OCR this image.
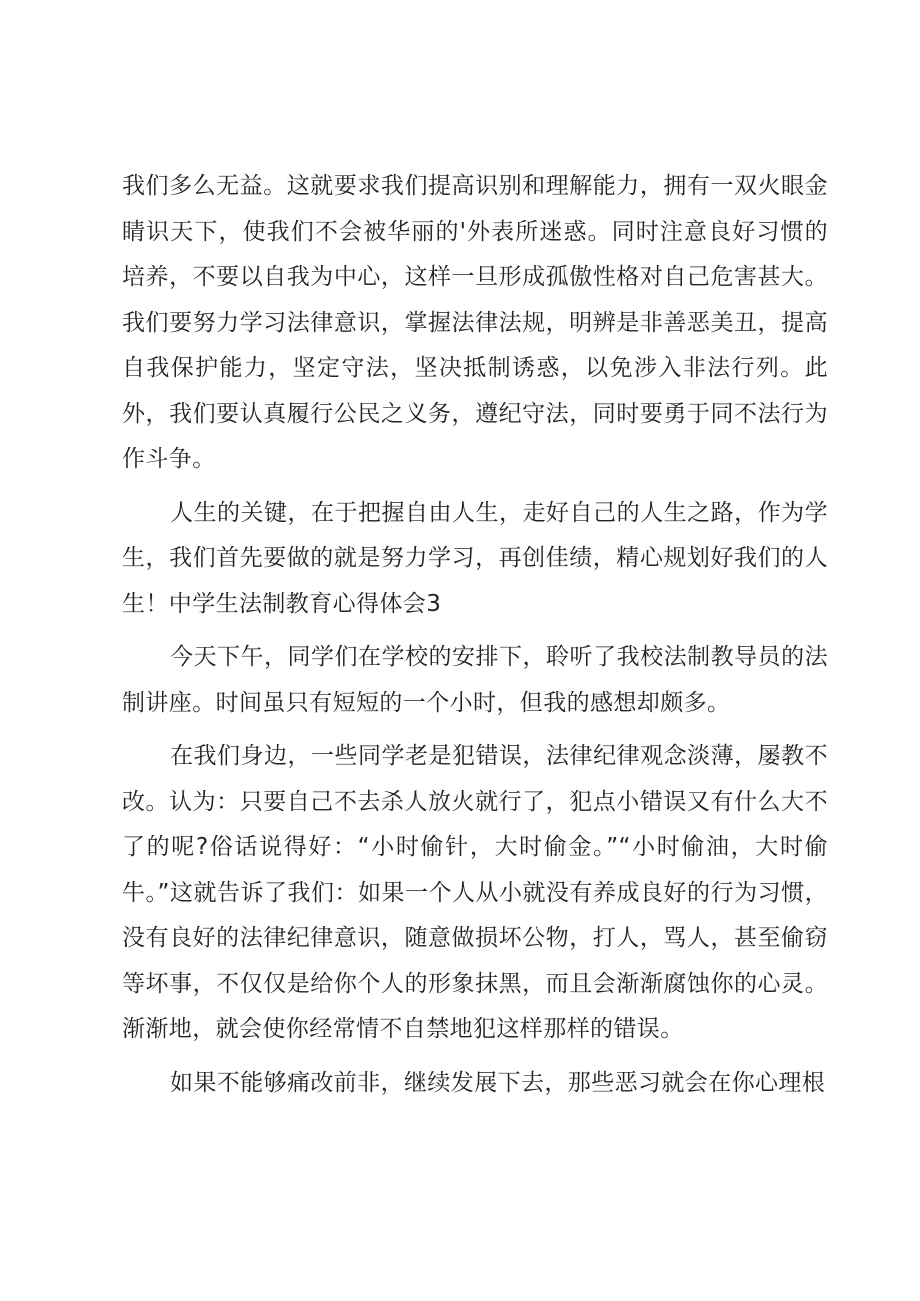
我们多么无益。这就要求我们提高识别和理解能力，拥有一双火眼金睛识天下，使我们不会被华丽的'外表所迷惑。同时注意良好习惯的培养，不要以自我为中心，这样一旦形成孤傲性格对自己危害甚大。我们要努力学习法律意识，掌握法律法规，明辨是非善恶美丑，提高自我保护能力，坚定守法，坚决抵制诱惑，以免涉入非法行列。此外，我们要认真履行公民之义务，遵纪守法，同时要勇于同不法行为作斗争。

人生的关键，在于把握自由人生，走好自己的人生之路，作为学生，我们首先要做的就是努力学习，再创佳绩，精心规划好我们的人生！中学生法制教育心得体会3

今天下午，同学们在学校的安排下，聆听了我校法制教导员的法制讲座。时间虽只有短短的一个小时，但我的感想却颇多。

在我们身边，一些同学老是犯错误，法律纪律观念淡薄，屡教不改。认为：只要自己不去杀人放火就行了，犯点小错误又有什么大不了的呢?俗话说得好：“小时偷针，大时偷金。”“小时偷油，大时偷牛。”这就告诉了我们：如果一个人从小就没有养成良好的行为习惯，没有良好的法律纪律意识，随意做损坏公物，打人，骂人，甚至偷窃等坏事，不仅仅是给你个人的形象抹黑，而且会渐渐腐蚀你的心灵。渐渐地，就会使你经常情不自禁地犯这样那样的错误。

如果不能够痛改前非，继续发展下去，那些恶习就会在你心理根
